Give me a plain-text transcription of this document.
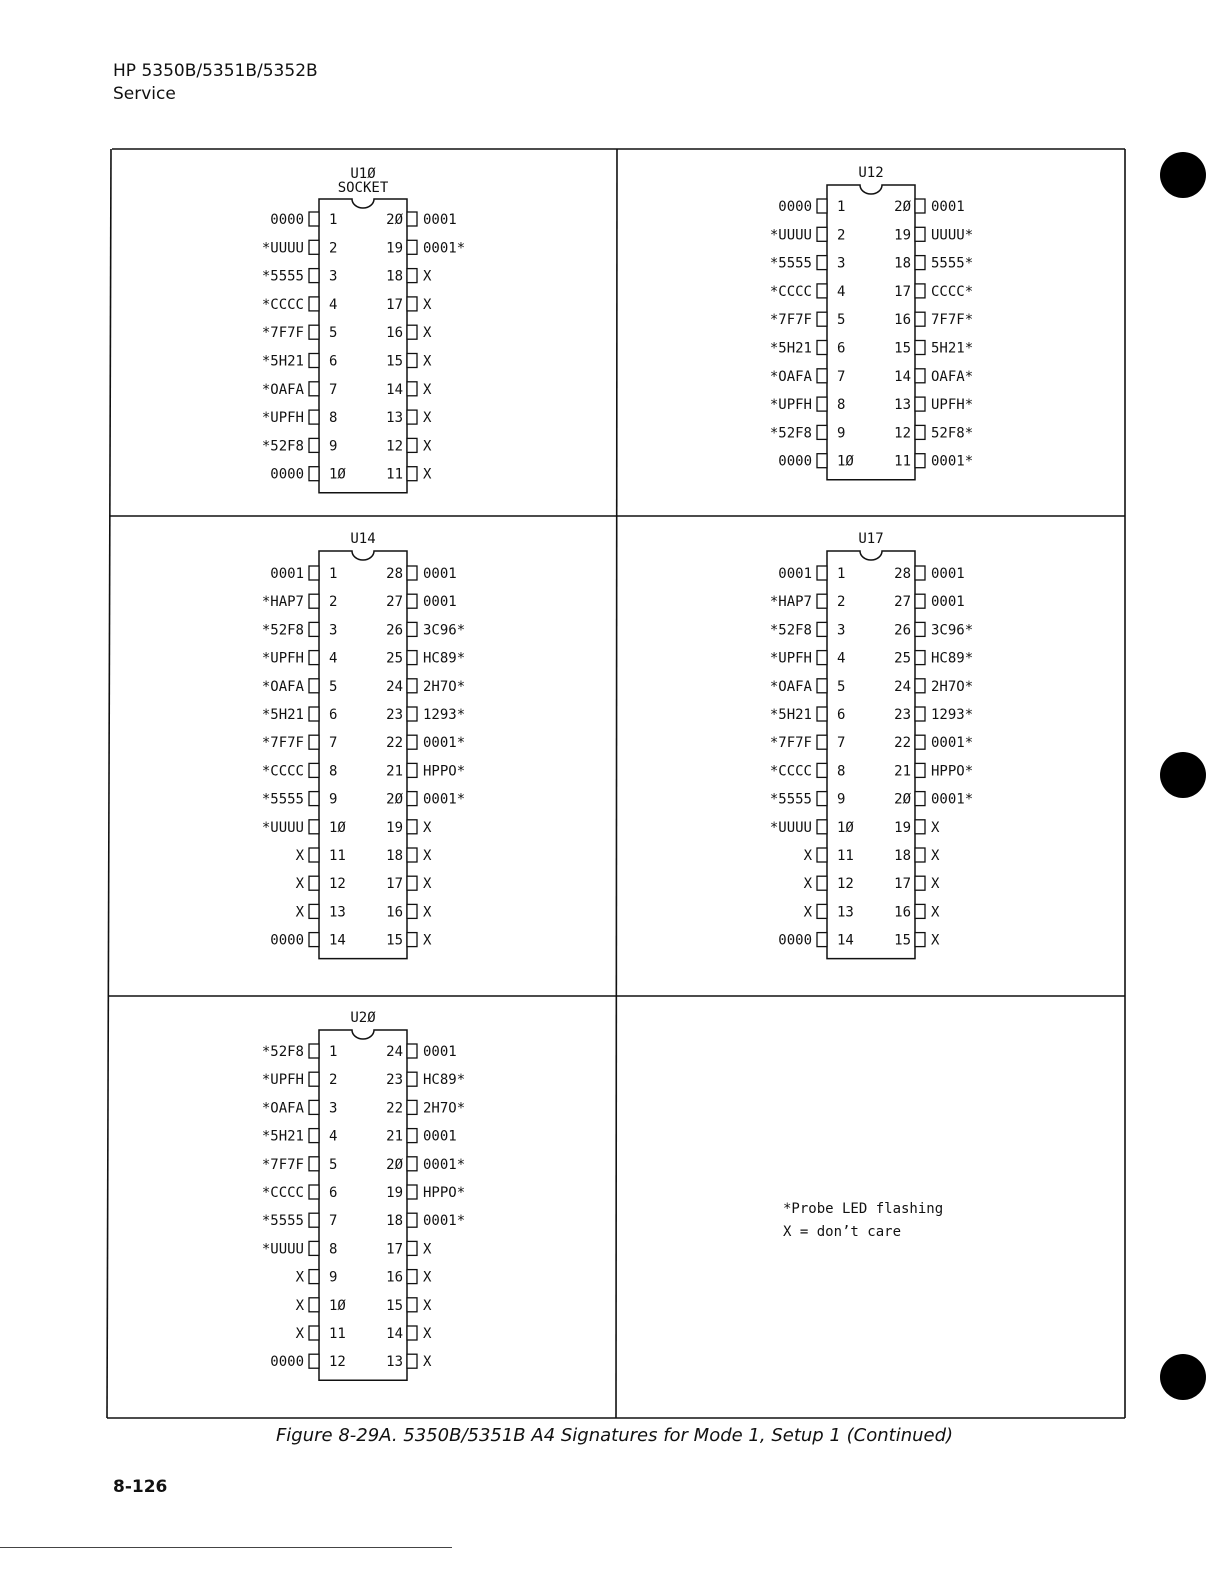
HP 5350B/5351B/5352B
Service
SOCKET
U1Ø
0000 1	2Ø 0001
*UUUU 2	19 0001*
*5555 3	18 X
*CCCC 4	17 X
*7F7F 5	16 X
*5H21 6	15 X
*OAFA 7	14 X
*UPFH 8	13 X
*52F8 9	12 X
0000 1Ø	11 X
U12
0000 1	2Ø 0001
*UUUU 2	19 UUUU*
*5555 3	18 5555*
*CCCC 4	17 CCCC*
*7F7F 5	16 7F7F*
*5H21 6	15 5H21*
*OAFA 7	14 OAFA*
*UPFH 8	13 UPFH*
*52F8 9	12 52F8*
0000 1Ø	11 0001*
U14
0001 1	28 0001
*HAP7 2	27 0001
*52F8 3	26 3C96*
*UPFH 4	25 HC89*
*OAFA 5	24 2H7O*
*5H21 6	23 1293*
*7F7F 7	22 0001*
*CCCC 8	21 HPPO*
*5555 9	2Ø 0001*
*UUUU 1Ø	19 X
X 11	18 X
X 12	17 X
X 13	16 X
0000 14	15 X
U17
0001 1	28 0001
*HAP7 2	27 0001
*52F8 3	26 3C96*
*UPFH 4	25 HC89*
*OAFA 5	24 2H7O*
*5H21 6	23 1293*
*7F7F 7	22 0001*
*CCCC 8	21 HPPO*
*5555 9	2Ø 0001*
*UUUU 1Ø	19 X
X 11	18 X
X 12	17 X
X 13	16 X
0000 14	15 X
U2Ø
*52F8 1	24 0001
*UPFH 2	23 HC89*
*OAFA 3	22 2H7O*
*5H21 4	21 0001
*7F7F 5	2Ø 0001*
*CCCC 6	19 HPPO*
*5555 7	18 0001*
*UUUU 8	17 X
X 9	16 X
X 1Ø	15 X
X 11	14 X
0000 12	13 X
*Probe LED flashing
X = don’t care
Figure 8-29A. 5350B/5351B A4 Signatures for Mode 1, Setup 1 (Continued)
8-126
